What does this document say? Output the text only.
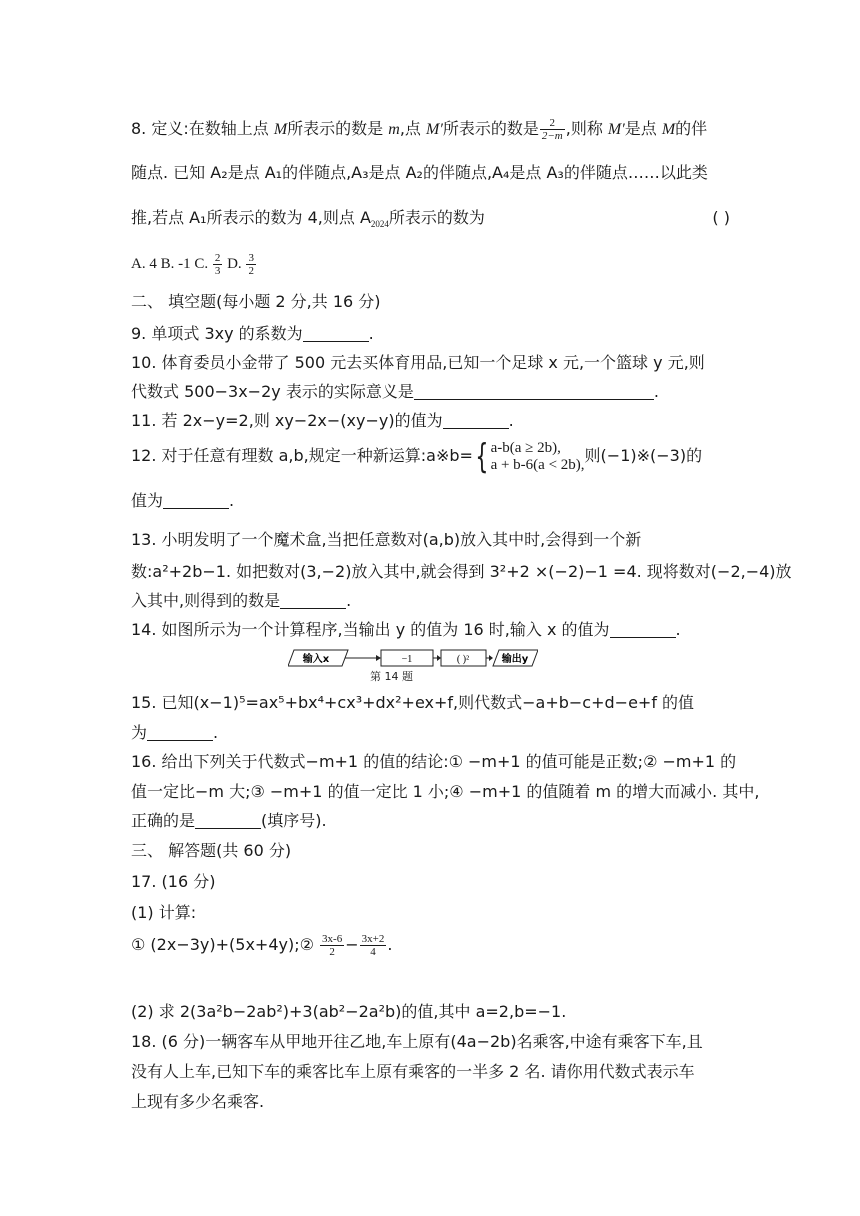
8. 定义:在数轴上点 M所表示的数是 m,点 M′所表示的数是 $\frac{2}{2-m}$ ,则称 M′是点 M的伴
随点. 已知 A₂是点 A₁的伴随点,A₃是点 A₂的伴随点,A₄是点 A₃的伴随点……以此类
推,若点 A₁所表示的数为 4,则点 $A_{2024}$所表示的数为	( )
A. 4 B. -1 C. $\frac{2}{3} D$. $\frac{3}{2}$
二、 填空题(每小题 2 分,共 16 分)
9. 单项式 3xy 的系数为	.
10. 体育委员小金带了 500 元去买体育用品,已知一个足球 x 元,一个篮球 y 元,则
代数式 500−3x−2y 表示的实际意义是	.
11. 若 2x−y=2,则 xy−2x−(xy−y)的值为	.
12. 对于任意有理数 a,b,规定一种新运算:a※b={ a-b(a ≥ 2b),
a + b-6(a < 2b), 则(−1)※(−3)的
值为	.
13. 小明发明了一个魔术盒,当把任意数对(a,b)放入其中时,会得到一个新
数:a²+2b−1. 如把数对(3,−2)放入其中,就会得到 3²+2 ×(−2)−1 =4. 现将数对(−2,−4)放
入其中,则得到的数是	.
14. 如图所示为一个计算程序,当输出 y 的值为 16 时,输入 x 的值为	.
输入x	−1	( )²	输出y
第 14 题
15. 已知(x−1)⁵=ax⁵+bx⁴+cx³+dx²+ex+f,则代数式−a+b−c+d−e+f 的值
为	.
16. 给出下列关于代数式−m+1 的值的结论:① −m+1 的值可能是正数;② −m+1 的
值一定比−m 大;③ −m+1 的值一定比 1 小;④ −m+1 的值随着 m 的增大而减小. 其中,
正确的是	(填序号).
三、 解答题(共 60 分)
17. (16 分)
(1) 计算:
① (2x−3y)+(5x+4y);② $\frac{3x-6}{2} - \frac{3x+2}{4}$ .
(2) 求 2(3a²b−2ab²)+3(ab²−2a²b)的值,其中 a=2,b=−1.
18. (6 分)一辆客车从甲地开往乙地,车上原有(4a−2b)名乘客,中途有乘客下车,且
没有人上车,已知下车的乘客比车上原有乘客的一半多 2 名. 请你用代数式表示车
上现有多少名乘客.
